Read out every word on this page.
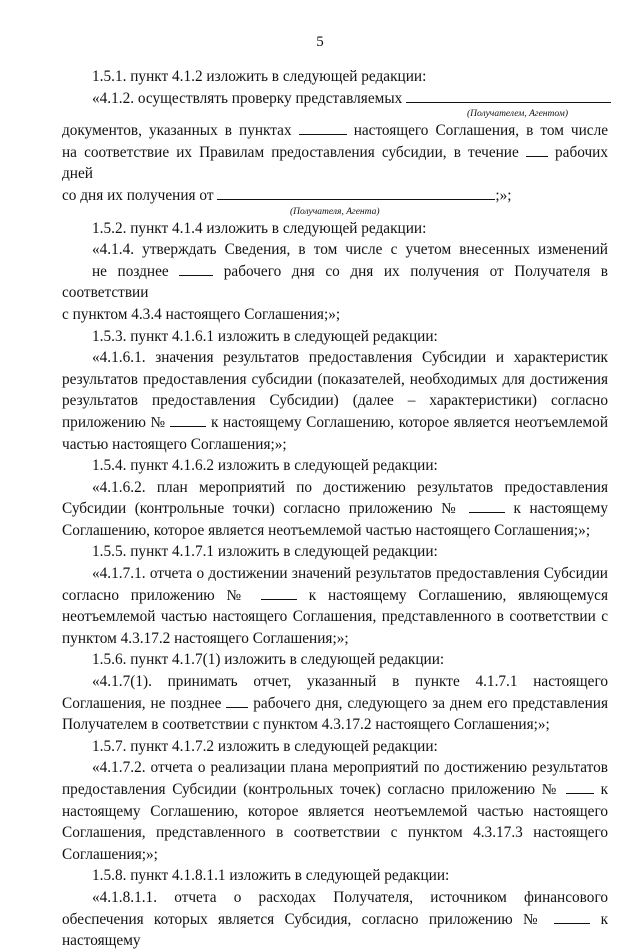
5

1.5.1. пункт 4.1.2 изложить в следующей редакции:

«4.1.2. осуществлять проверку представляемых

(Получателем, Агентом)

документов, указанных в пунктах	настоящего Соглашения, в том числе

на соответствие их Правилам предоставления субсидии, в течение рабочих дней

со дня их получения от	;»;

(Получателя, Агента)

1.5.2. пункт 4.1.4 изложить в следующей редакции:

«4.1.4. утверждать Сведения, в том числе с учетом внесенных изменений
не позднее	рабочего дня со дня их получения от Получателя в соответствии
с пунктом 4.3.4 настоящего Соглашения;»;

1.5.3. пункт 4.1.6.1 изложить в следующей редакции:

«4.1.6.1. значения результатов предоставления Субсидии и характеристик результатов предоставления субсидии (показателей, необходимых для достижения результатов предоставления Субсидии) (далее – характеристики) согласно приложению №	к настоящему Соглашению, которое является неотъемлемой частью настоящего Соглашения;»;

1.5.4. пункт 4.1.6.2 изложить в следующей редакции:

«4.1.6.2. план мероприятий по достижению результатов предоставления Субсидии (контрольные точки) согласно приложению №	к настоящему Соглашению, которое является неотъемлемой частью настоящего Соглашения;»;

1.5.5. пункт 4.1.7.1 изложить в следующей редакции:

«4.1.7.1. отчета о достижении значений результатов предоставления Субсидии согласно приложению №	к настоящему Соглашению, являющемуся неотъемлемой частью настоящего Соглашения, представленного в соответствии с пунктом 4.3.17.2 настоящего Соглашения;»;

1.5.6. пункт 4.1.7(1) изложить в следующей редакции:

«4.1.7(1). принимать отчет, указанный в пункте 4.1.7.1 настоящего Соглашения, не позднее рабочего дня, следующего за днем его представления Получателем в соответствии с пунктом 4.3.17.2 настоящего Соглашения;»;

1.5.7. пункт 4.1.7.2 изложить в следующей редакции:

«4.1.7.2. отчета о реализации плана мероприятий по достижению результатов предоставления Субсидии (контрольных точек) согласно приложению №	к настоящему Соглашению, которое является неотъемлемой частью настоящего Соглашения, представленного в соответствии с пунктом 4.3.17.3 настоящего Соглашения;»;

1.5.8. пункт 4.1.8.1.1 изложить в следующей редакции:

«4.1.8.1.1. отчета о расходах Получателя, источником финансового обеспечения которых является Субсидия, согласно приложению №	к настоящему
